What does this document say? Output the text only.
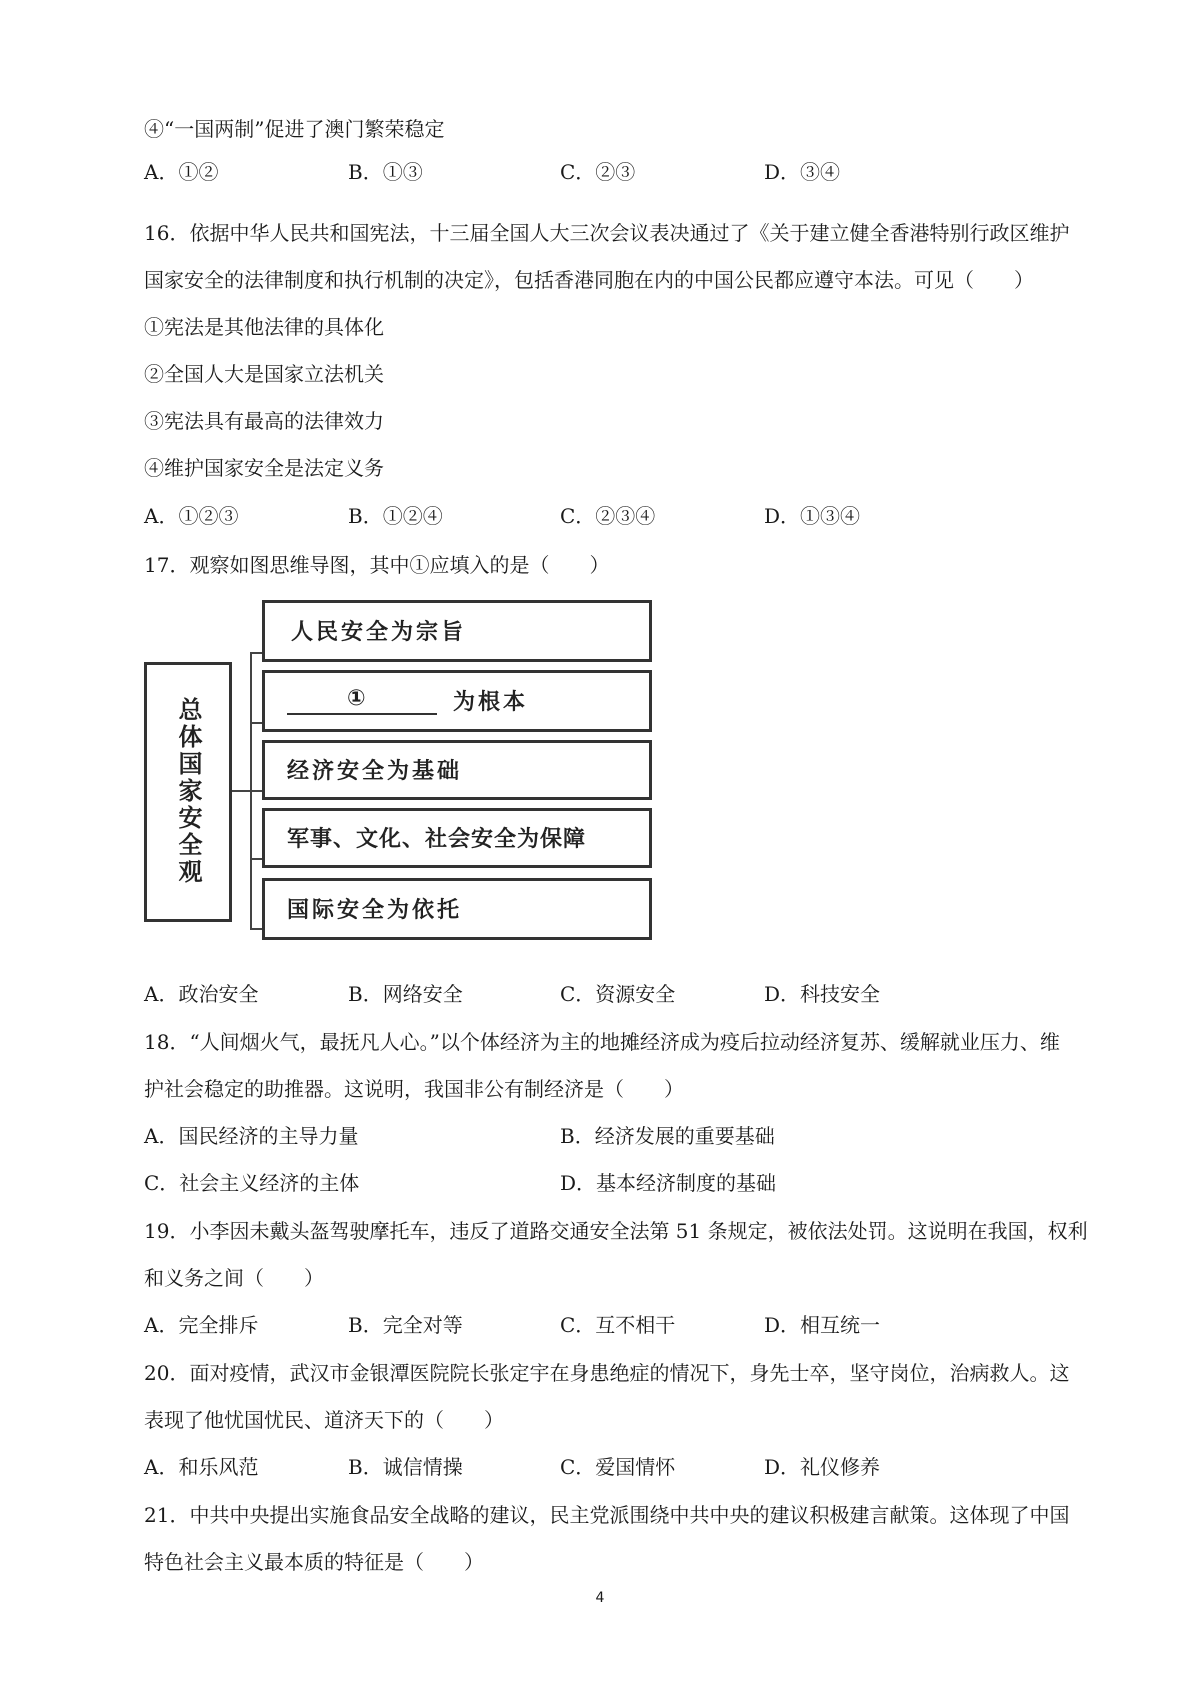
④“一国两制”促进了澳门繁荣稳定
A．①②	B．①③	C．②③	D．③④
16．依据中华人民共和国宪法，十三届全国人大三次会议表决通过了《关于建立健全香港特别行政区维护
国家安全的法律制度和执行机制的决定》，包括香港同胞在内的中国公民都应遵守本法。可见（　　）
①宪法是其他法律的具体化
②全国人大是国家立法机关
③宪法具有最高的法律效力
④维护国家安全是法定义务
A．①②③	B．①②④	C．②③④	D．①③④
17．观察如图思维导图，其中①应填入的是（　　）
总体国家安全观
人民安全为宗旨
①	为根本
经济安全为基础
军事、文化、社会安全为保障
国际安全为依托
A．政治安全	B．网络安全	C．资源安全	D．科技安全
18．“人间烟火气，最抚凡人心。”以个体经济为主的地摊经济成为疫后拉动经济复苏、缓解就业压力、维
护社会稳定的助推器。这说明，我国非公有制经济是（　　）
A．国民经济的主导力量	B．经济发展的重要基础
C．社会主义经济的主体	D．基本经济制度的基础
19．小李因未戴头盔驾驶摩托车，违反了道路交通安全法第 51 条规定，被依法处罚。这说明在我国，权利
和义务之间（　　）
A．完全排斥	B．完全对等	C．互不相干	D．相互统一
20．面对疫情，武汉市金银潭医院院长张定宇在身患绝症的情况下，身先士卒，坚守岗位，治病救人。这
表现了他忧国忧民、道济天下的（　　）
A．和乐风范	B．诚信情操	C．爱国情怀	D．礼仪修养
21．中共中央提出实施食品安全战略的建议，民主党派围绕中共中央的建议积极建言献策。这体现了中国
特色社会主义最本质的特征是（　　）
4
